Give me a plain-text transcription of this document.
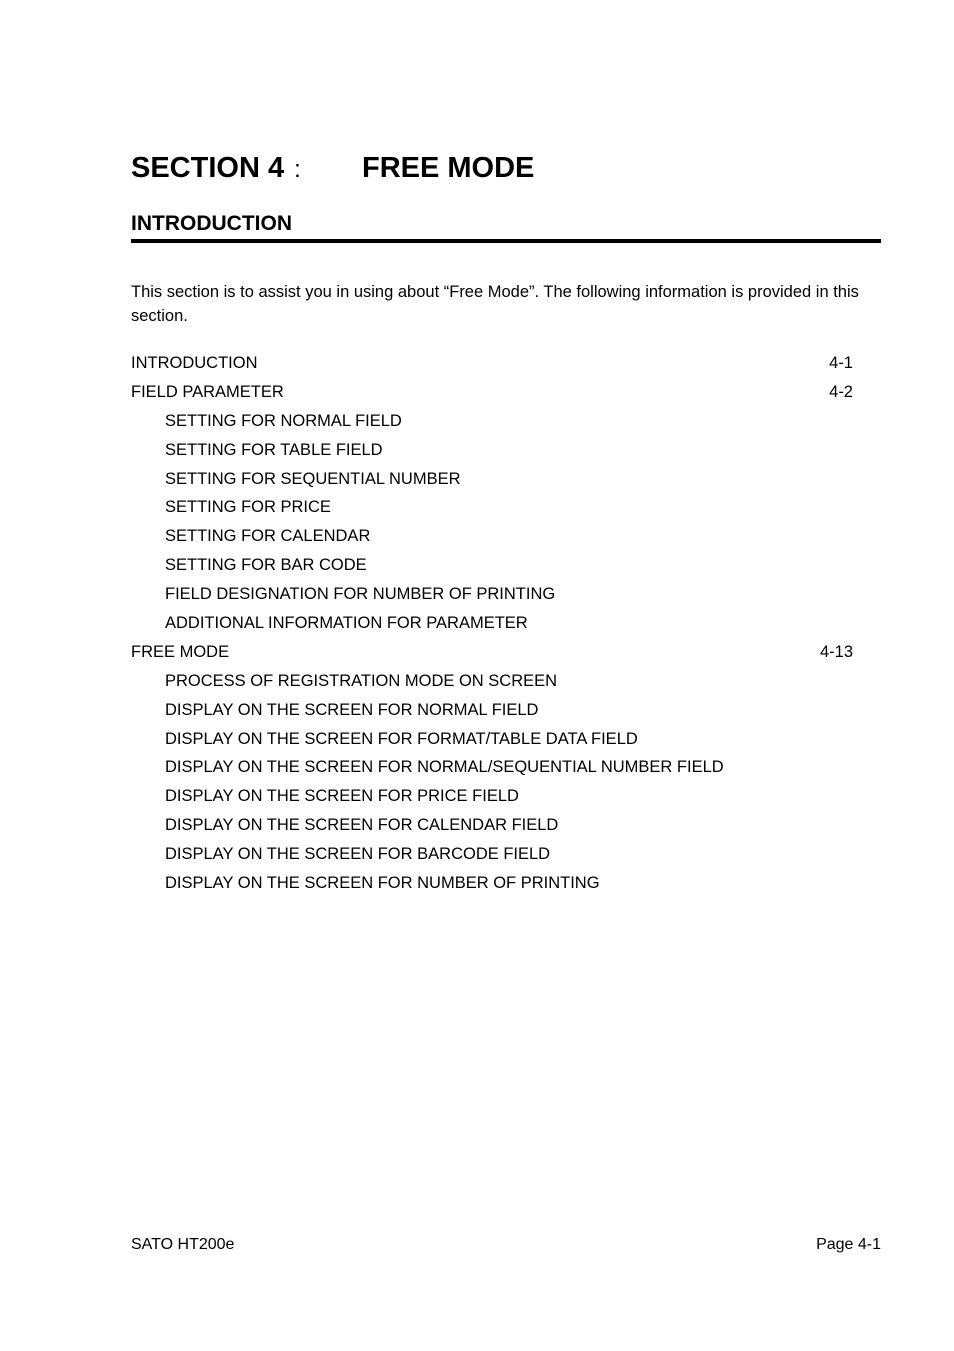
SECTION 4 : FREE MODE
INTRODUCTION
This section is to assist you in using about “Free Mode”. The following information is provided in this section.
INTRODUCTION	4-1
FIELD PARAMETER	4-2
SETTING FOR NORMAL FIELD
SETTING FOR TABLE FIELD
SETTING FOR SEQUENTIAL NUMBER
SETTING FOR PRICE
SETTING FOR CALENDAR
SETTING FOR BAR CODE
FIELD DESIGNATION FOR NUMBER OF PRINTING
ADDITIONAL INFORMATION FOR PARAMETER
FREE MODE	4-13
PROCESS OF REGISTRATION MODE ON SCREEN
DISPLAY ON THE SCREEN FOR NORMAL FIELD
DISPLAY ON THE SCREEN FOR FORMAT/TABLE DATA FIELD
DISPLAY ON THE SCREEN FOR NORMAL/SEQUENTIAL NUMBER FIELD
DISPLAY ON THE SCREEN FOR PRICE FIELD
DISPLAY ON THE SCREEN FOR CALENDAR FIELD
DISPLAY ON THE SCREEN FOR BARCODE FIELD
DISPLAY ON THE SCREEN FOR NUMBER OF PRINTING
SATO HT200e	Page 4-1
